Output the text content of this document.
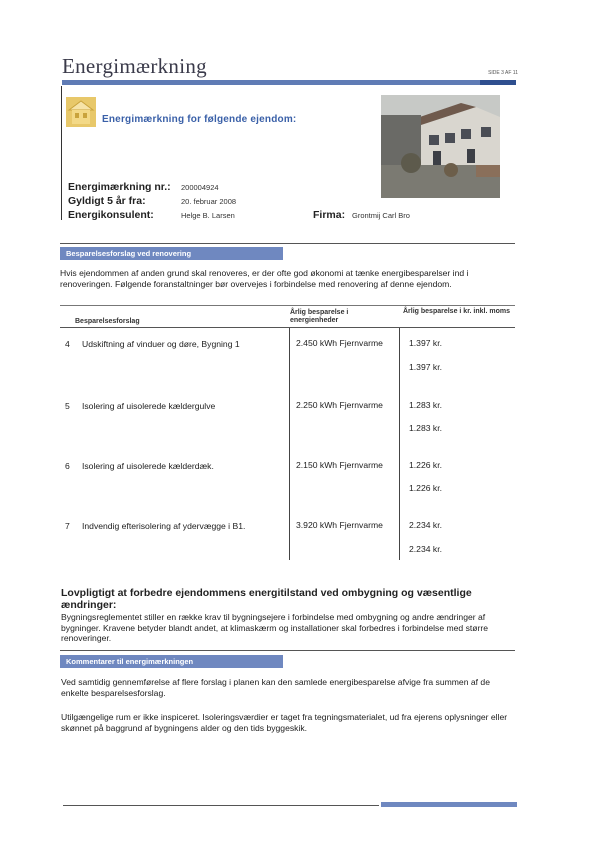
Energimærkning	SIDE 3 AF 11
Energimærkning for følgende ejendom:
Energimærkning nr.: 200004924
Gyldigt 5 år fra:	20. februar 2008
Energikonsulent:	Helge B. Larsen	Firma: Grontmij Carl Bro
Besparelsesforslag ved renovering
Hvis ejendommen af anden grund skal renoveres, er der ofte god økonomi at tænke energibesparelser ind i renoveringen. Følgende foranstaltninger bør overvejes i forbindelse med renovering af denne ejendom.
Besparelsesforslag
Årlig besparelse i energienheder
Årlig besparelse i kr. inkl. moms
4 Udskiftning af vinduer og døre, Bygning 1	2.450 kWh Fjernvarme	1.397 kr.
1.397 kr.
5 Isolering af uisolerede kældergulve	2.250 kWh Fjernvarme	1.283 kr.
1.283 kr.
6 Isolering af uisolerede kælderdæk.	2.150 kWh Fjernvarme	1.226 kr.
1.226 kr.
7 Indvendig efterisolering af ydervægge i B1.	3.920 kWh Fjernvarme	2.234 kr.
2.234 kr.
Lovpligtigt at forbedre ejendommens energitilstand ved ombygning og væsentlige ændringer:
Bygningsreglementet stiller en række krav til bygningsejere i forbindelse med ombygning og andre ændringer af bygninger. Kravene betyder blandt andet, at klimaskærm og installationer skal forbedres i forbindelse med større renoveringer.
Kommentarer til energimærkningen
Ved samtidig gennemførelse af flere forslag i planen kan den samlede energibesparelse afvige fra summen af de enkelte besparelsesforslag.
Utilgængelige rum er ikke inspiceret. Isoleringsværdier er taget fra tegningsmaterialet, ud fra ejerens oplysninger eller skønnet på baggrund af bygningens alder og den tids byggeskik.
